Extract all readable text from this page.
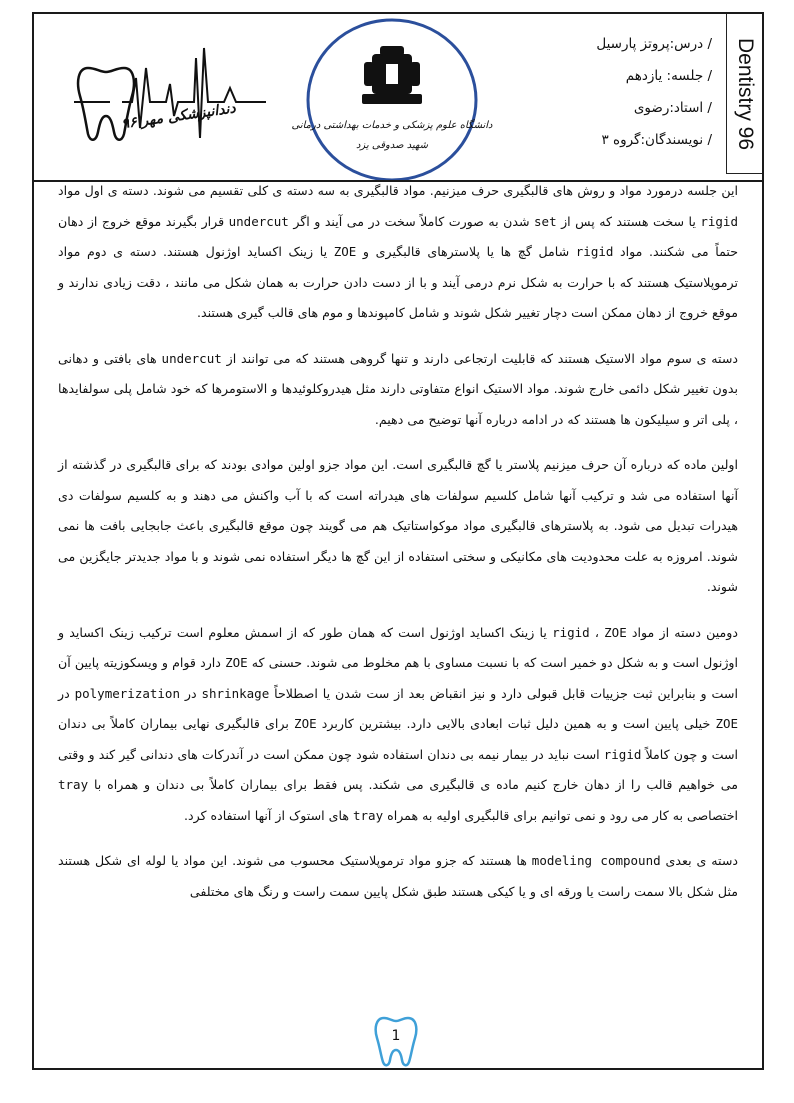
دندانپزشکی مهر ۹۶	دانشگاه علوم پزشکی و خدمات بهداشتی درمانی
شهید صدوقی یزد
/ درس:پروتز پارسیل
/ جلسه: یازدهم
/ استاد:رضوی
/ نویسندگان:گروه ۳ Dentistry 96

این جلسه درمورد مواد و روش های قالبگیری حرف میزنیم. مواد قالبگیری به سه دسته ی کلی تقسیم می شوند. دسته ی اول مواد rigid یا سخت هستند که پس از set شدن به صورت کاملاً سخت در می آیند و اگر undercut قرار بگیرند موقع خروج از دهان حتماً می شکنند. مواد rigid شامل گچ ها یا پلاسترهای قالبگیری و ZOE یا زینک اکساید اوژنول هستند. دسته ی دوم مواد ترموپلاستیک هستند که با حرارت به شکل نرم درمی آیند و با از دست دادن حرارت به همان شکل می مانند ، دقت زیادی ندارند و موقع خروج از دهان ممکن است دچار تغییر شکل شوند و شامل کامپوندها و موم های قالب گیری هستند.

دسته ی سوم مواد الاستیک هستند که قابلیت ارتجاعی دارند و تنها گروهی هستند که می توانند از undercut های بافتی و دهانی بدون تغییر شکل دائمی خارج شوند. مواد الاستیک انواع متفاوتی دارند مثل هیدروکلوئیدها و الاستومرها که خود شامل پلی سولفایدها ، پلی اتر و سیلیکون ها هستند که در ادامه درباره آنها توضیح می دهیم.

اولین ماده که درباره آن حرف میزنیم پلاستر یا گچ قالبگیری است. این مواد جزو اولین موادی بودند که برای قالبگیری در گذشته از آنها استفاده می شد و ترکیب آنها شامل کلسیم سولفات های هیدراته است که با آب واکنش می دهند و به کلسیم سولفات دی هیدرات تبدیل می شود. به پلاسترهای قالبگیری مواد موکواستاتیک هم می گویند چون موقع قالبگیری باعث جابجایی بافت ها نمی شوند. امروزه به علت محدودیت های مکانیکی و سختی استفاده از این گچ ها دیگر استفاده نمی شوند و با مواد جدیدتر جایگزین می شوند.

دومین دسته از مواد rigid ، ZOE یا زینک اکساید اوژنول است که همان طور که از اسمش معلوم است ترکیب زینک اکساید و اوژنول است و به شکل دو خمیر است که با نسبت مساوی با هم مخلوط می شوند. حسنی که ZOE دارد قوام و ویسکوزیته پایین آن است و بنابراین ثبت جزییات قابل قبولی دارد و نیز انقباض بعد از ست شدن یا اصطلاحاً shrinkage در polymerization در ZOE خیلی پایین است و به همین دلیل ثبات ابعادی بالایی دارد. بیشترین کاربرد ZOE برای قالبگیری نهایی بیماران کاملاً بی دندان است و چون کاملاً rigid است نباید در بیمار نیمه بی دندان استفاده شود چون ممکن است در آندرکات های دندانی گیر کند و وقتی می خواهیم قالب را از دهان خارج کنیم ماده ی قالبگیری می شکند. پس فقط برای بیماران کاملاً بی دندان و همراه با tray اختصاصی به کار می رود و نمی توانیم برای قالبگیری اولیه به همراه tray های استوک از آنها استفاده کرد.

دسته ی بعدی modeling compound ها هستند که جزو مواد ترموپلاستیک محسوب می شوند. این مواد یا لوله ای شکل هستند مثل شکل بالا سمت راست یا ورقه ای و یا کیکی هستند طبق شکل پایین سمت راست و رنگ های مختلفی

1
